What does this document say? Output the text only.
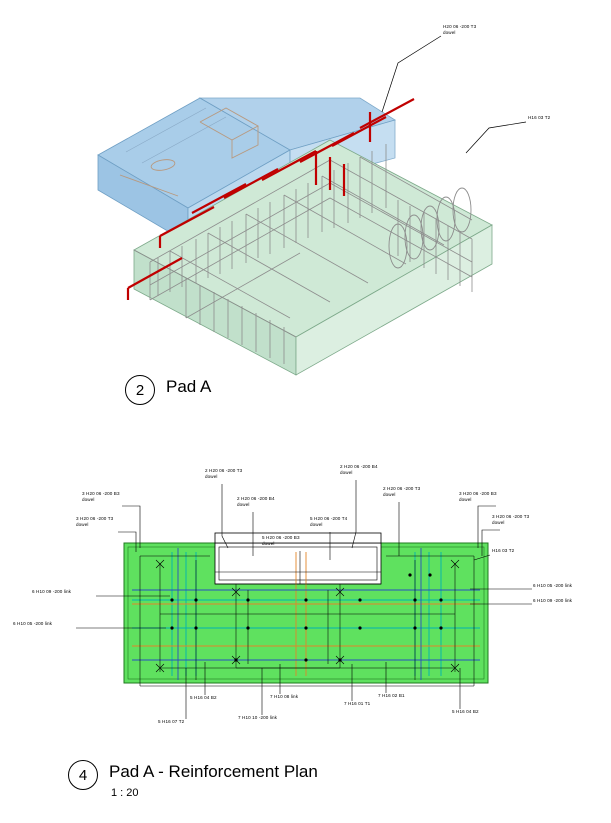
H20 06 -200 T3
dowel
H16 03 T2
2	Pad A
2 H20 06 -200 T3
dowel
2 H20 06 -200 B4
dowel
2 H20 06 -200 B4
dowel
2 H20 06 -200 T3
dowel
3 H20 06 -200 B3
dowel
3 H20 06 -200 T3
dowel
3 H20 06 -200 B3
dowel
3 H20 06 -200 T3
dowel
5 H20 06 -200 T4
dowel
5 H20 06 -200 B3
dowel
H16 03 T2
6 H10 05 -200 link
6 H10 09 -200 link
6 H10 09 -200 link
6 H10 05 -200 link
5 H16 04 B2
5 H16 07 T2
7 H10 08 link
7 H10 10 -200 link
7 H16 01 T1
7 H16 02 B1
5 H16 04 B2
4	Pad A - Reinforcement Plan
1 : 20
